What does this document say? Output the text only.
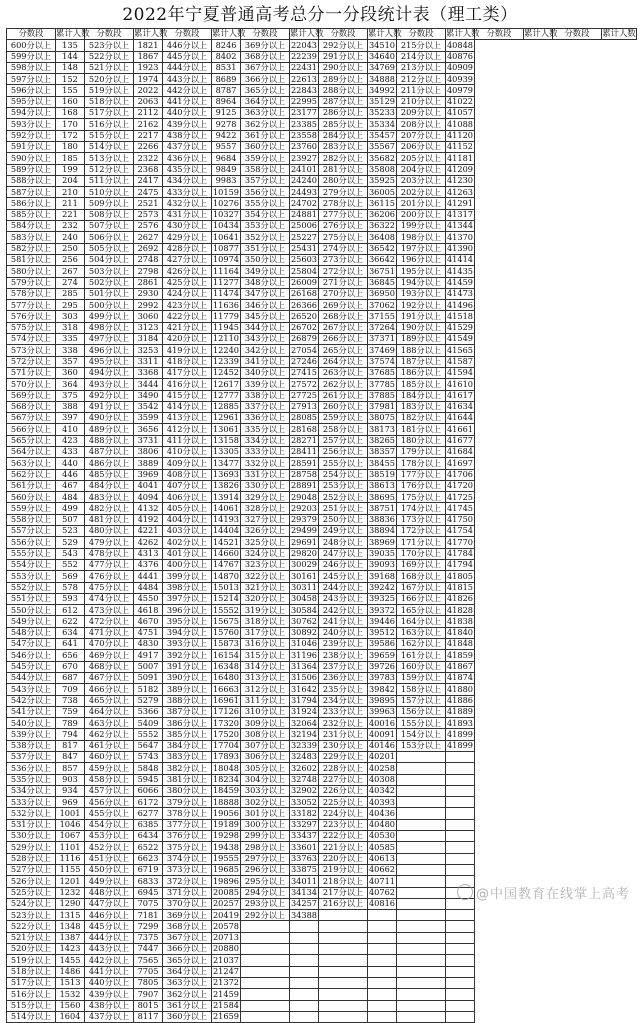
2022年宁夏普通高考总分一分段统计表（理工类）
分数段	累计人数	分数段	累计人数	分数段	累计人数	分数段	累计人数	分数段	累计人数	分数段	累计人数	分数段	累计人数	分数段	累计人数
600分以上	135	523分以上	1821	446分以上	8246	369分以上	22043	292分以上	34510	215分以上	40848				
599分以上	144	522分以上	1867	445分以上	8402	368分以上	22239	291分以上	34640	214分以上	40876				
598分以上	148	521分以上	1923	444分以上	8531	367分以上	22431	290分以上	34769	213分以上	40909				
597分以上	152	520分以上	1974	443分以上	8689	366分以上	22613	289分以上	34888	212分以上	40939				
596分以上	155	519分以上	2022	442分以上	8787	365分以上	22843	288分以上	34992	211分以上	40979				
595分以上	160	518分以上	2063	441分以上	8964	364分以上	22995	287分以上	35129	210分以上	41022				
594分以上	168	517分以上	2112	440分以上	9125	363分以上	23177	286分以上	35233	209分以上	41057				
593分以上	170	516分以上	2162	439分以上	9278	362分以上	23385	285分以上	35334	208分以上	41088				
592分以上	172	515分以上	2217	438分以上	9422	361分以上	23558	284分以上	35457	207分以上	41120				
591分以上	180	514分以上	2266	437分以上	9557	360分以上	23760	283分以上	35567	206分以上	41152				
590分以上	185	513分以上	2322	436分以上	9684	359分以上	23927	282分以上	35682	205分以上	41181				
589分以上	199	512分以上	2368	435分以上	9849	358分以上	24101	281分以上	35808	204分以上	41209				
588分以上	204	511分以上	2417	434分以上	9983	357分以上	24240	280分以上	35925	203分以上	41230				
587分以上	210	510分以上	2475	433分以上	10159	356分以上	24493	279分以上	36005	202分以上	41263				
586分以上	211	509分以上	2521	432分以上	10276	355分以上	24702	278分以上	36115	201分以上	41291				
585分以上	221	508分以上	2573	431分以上	10327	354分以上	24881	277分以上	36206	200分以上	41317				
584分以上	232	507分以上	2576	430分以上	10434	353分以上	25006	276分以上	36322	199分以上	41344				
583分以上	240	506分以上	2627	429分以上	10641	352分以上	25227	275分以上	36408	198分以上	41370				
582分以上	250	505分以上	2692	428分以上	10877	351分以上	25431	274分以上	36542	197分以上	41390				
581分以上	256	504分以上	2748	427分以上	10974	350分以上	25603	273分以上	36642	196分以上	41414				
580分以上	267	503分以上	2798	426分以上	11164	349分以上	25804	272分以上	36751	195分以上	41435				
579分以上	274	502分以上	2861	425分以上	11277	348分以上	26009	271分以上	36845	194分以上	41459				
578分以上	285	501分以上	2930	424分以上	11474	347分以上	26168	270分以上	36950	193分以上	41473				
577分以上	295	500分以上	2992	423分以上	11636	346分以上	26366	269分以上	37062	192分以上	41496				
576分以上	303	499分以上	3060	422分以上	11779	345分以上	26520	268分以上	37155	191分以上	41518				
575分以上	318	498分以上	3123	421分以上	11945	344分以上	26702	267分以上	37264	190分以上	41529				
574分以上	335	497分以上	3184	420分以上	12110	343分以上	26879	266分以上	37371	189分以上	41549				
573分以上	338	496分以上	3253	419分以上	12240	342分以上	27054	265分以上	37469	188分以上	41565				
572分以上	357	495分以上	3311	418分以上	12339	341分以上	27246	264分以上	37574	187分以上	41587				
571分以上	360	494分以上	3368	417分以上	12452	340分以上	27415	263分以上	37685	186分以上	41594				
570分以上	364	493分以上	3444	416分以上	12617	339分以上	27572	262分以上	37785	185分以上	41610				
569分以上	375	492分以上	3490	415分以上	12777	338分以上	27725	261分以上	37885	184分以上	41617				
568分以上	388	491分以上	3542	414分以上	12885	337分以上	27913	260分以上	37981	183分以上	41634				
567分以上	397	490分以上	3599	413分以上	12961	336分以上	28085	259分以上	38075	182分以上	41644				
566分以上	410	489分以上	3656	412分以上	13061	335分以上	28168	258分以上	38173	181分以上	41661				
565分以上	423	488分以上	3731	411分以上	13158	334分以上	28271	257分以上	38265	180分以上	41677				
564分以上	433	487分以上	3806	410分以上	13305	333分以上	28411	256分以上	38357	179分以上	41684				
563分以上	440	486分以上	3889	409分以上	13477	332分以上	28591	255分以上	38455	178分以上	41697				
562分以上	446	485分以上	3969	408分以上	13693	331分以上	28758	254分以上	38519	177分以上	41706				
561分以上	467	484分以上	4041	407分以上	13826	330分以上	28891	253分以上	38613	176分以上	41720				
560分以上	484	483分以上	4094	406分以上	13914	329分以上	29048	252分以上	38695	175分以上	41725				
559分以上	499	482分以上	4132	405分以上	14061	328分以上	29203	251分以上	38751	174分以上	41745				
558分以上	507	481分以上	4192	404分以上	14193	327分以上	29379	250分以上	38836	173分以上	41750				
557分以上	523	480分以上	4221	403分以上	14404	326分以上	29499	249分以上	38894	172分以上	41754				
556分以上	529	479分以上	4262	402分以上	14521	325分以上	29691	248分以上	38969	171分以上	41770				
555分以上	543	478分以上	4313	401分以上	14660	324分以上	29820	247分以上	39035	170分以上	41784				
554分以上	552	477分以上	4376	400分以上	14767	323分以上	30029	246分以上	39093	169分以上	41794				
553分以上	569	476分以上	4441	399分以上	14870	322分以上	30161	245分以上	39168	168分以上	41805				
552分以上	578	475分以上	4484	398分以上	15013	321分以上	30311	244分以上	39242	167分以上	41815				
551分以上	593	474分以上	4550	397分以上	15214	320分以上	30458	243分以上	39325	166分以上	41826				
550分以上	612	473分以上	4618	396分以上	15552	319分以上	30584	242分以上	39372	165分以上	41828				
549分以上	622	472分以上	4670	395分以上	15675	318分以上	30762	241分以上	39446	164分以上	41838				
548分以上	634	471分以上	4751	394分以上	15760	317分以上	30892	240分以上	39512	163分以上	41840				
547分以上	641	470分以上	4830	393分以上	15873	316分以上	31046	239分以上	39586	162分以上	41848				
546分以上	656	469分以上	4917	392分以上	16154	315分以上	31196	238分以上	39659	161分以上	41859				
545分以上	670	468分以上	5007	391分以上	16348	314分以上	31364	237分以上	39726	160分以上	41867				
544分以上	687	467分以上	5091	390分以上	16480	313分以上	31506	236分以上	39783	159分以上	41874				
543分以上	709	466分以上	5182	389分以上	16663	312分以上	31642	235分以上	39842	158分以上	41880				
542分以上	738	465分以上	5279	388分以上	16961	311分以上	31794	234分以上	39895	157分以上	41886				
541分以上	759	464分以上	5366	387分以上	17126	310分以上	31924	233分以上	39963	156分以上	41889				
540分以上	789	463分以上	5409	386分以上	17320	309分以上	32064	232分以上	40016	155分以上	41893				
539分以上	794	462分以上	5552	385分以上	17520	308分以上	32194	231分以上	40091	154分以上	41899				
538分以上	817	461分以上	5647	384分以上	17704	307分以上	32339	230分以上	40146	153分以上	41899				
537分以上	847	460分以上	5743	383分以上	17893	306分以上	32483	229分以上	40201						
536分以上	857	459分以上	5848	382分以上	18048	305分以上	32602	228分以上	40258						
535分以上	903	458分以上	5945	381分以上	18234	304分以上	32748	227分以上	40308						
534分以上	934	457分以上	6066	380分以上	18459	303分以上	32902	226分以上	40342						
533分以上	969	456分以上	6172	379分以上	18888	302分以上	33052	225分以上	40393						
532分以上	1001	455分以上	6277	378分以上	19056	301分以上	33182	224分以上	40436						
531分以上	1046	454分以上	6385	377分以上	19189	300分以上	33297	223分以上	40480						
530分以上	1067	453分以上	6434	376分以上	19298	299分以上	33437	222分以上	40530						
529分以上	1101	452分以上	6522	375分以上	19438	298分以上	33601	221分以上	40585						
528分以上	1116	451分以上	6623	374分以上	19555	297分以上	33763	220分以上	40613						
527分以上	1155	450分以上	6719	373分以上	19685	296分以上	33875	219分以上	40662						
526分以上	1201	449分以上	6833	372分以上	19896	295分以上	34011	218分以上	40711						
525分以上	1232	448分以上	6945	371分以上	20085	294分以上	34134	217分以上	40762						
524分以上	1290	447分以上	7075	370分以上	20257	293分以上	34257	216分以上	40816						
523分以上	1315	446分以上	7181	369分以上	20419	292分以上	34388								
522分以上	1348	445分以上	7299	368分以上	20578										
521分以上	1387	444分以上	7375	367分以上	20713										
520分以上	1423	443分以上	7447	366分以上	20880										
519分以上	1455	442分以上	7565	365分以上	21037										
518分以上	1486	441分以上	7705	364分以上	21247										
517分以上	1513	440分以上	7805	363分以上	21372										
516分以上	1532	439分以上	7907	362分以上	21459										
515分以上	1560	438分以上	8015	361分以上	21584										
514分以上	1604	437分以上	8117	360分以上	21659										
@中国教育在线掌上高考
